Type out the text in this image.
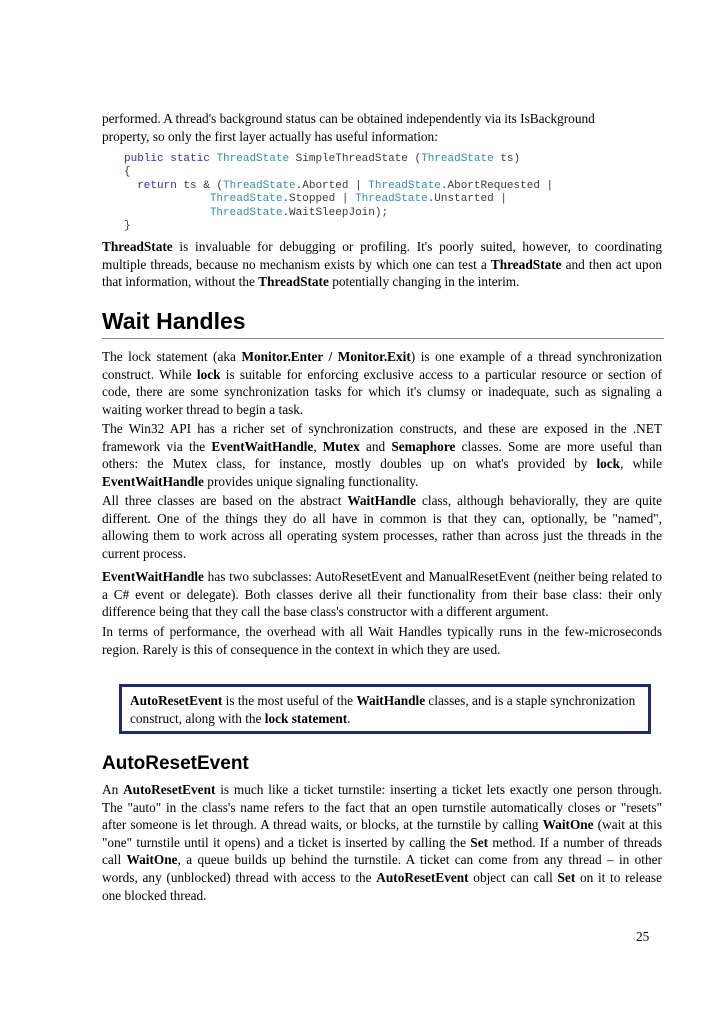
performed. A thread's background status can be obtained independently via its IsBackground
property, so only the first layer actually has useful information:
public static ThreadState SimpleThreadState (ThreadState ts)
{
return ts & (ThreadState.Aborted | ThreadState.AbortRequested |
ThreadState.Stopped | ThreadState.Unstarted |
ThreadState.WaitSleepJoin);
}
ThreadState is invaluable for debugging or profiling. It's poorly suited, however, to coordinating multiple threads, because no mechanism exists by which one can test a ThreadState and then act upon that information, without the ThreadState potentially changing in the interim.
Wait Handles
The lock statement (aka Monitor.Enter / Monitor.Exit) is one example of a thread synchronization construct. While lock is suitable for enforcing exclusive access to a particular resource or section of code, there are some synchronization tasks for which it's clumsy or inadequate, such as signaling a waiting worker thread to begin a task.
The Win32 API has a richer set of synchronization constructs, and these are exposed in the .NET framework via the EventWaitHandle, Mutex and Semaphore classes. Some are more useful than others: the Mutex class, for instance, mostly doubles up on what's provided by lock, while EventWaitHandle provides unique signaling functionality.
All three classes are based on the abstract WaitHandle class, although behaviorally, they are quite different. One of the things they do all have in common is that they can, optionally, be "named", allowing them to work across all operating system processes, rather than across just the threads in the current process.
EventWaitHandle has two subclasses: AutoResetEvent and ManualResetEvent (neither being related to a C# event or delegate). Both classes derive all their functionality from their base class: their only difference being that they call the base class's constructor with a different argument.
In terms of performance, the overhead with all Wait Handles typically runs in the few-microseconds region. Rarely is this of consequence in the context in which they are used.
AutoResetEvent is the most useful of the WaitHandle classes, and is a staple synchronization construct, along with the lock statement.
AutoResetEvent
An AutoResetEvent is much like a ticket turnstile: inserting a ticket lets exactly one person through. The "auto" in the class's name refers to the fact that an open turnstile automatically closes or "resets" after someone is let through. A thread waits, or blocks, at the turnstile by calling WaitOne (wait at this "one" turnstile until it opens) and a ticket is inserted by calling the Set method. If a number of threads call WaitOne, a queue builds up behind the turnstile. A ticket can come from any thread – in other words, any (unblocked) thread with access to the AutoResetEvent object can call Set on it to release one blocked thread.
25
